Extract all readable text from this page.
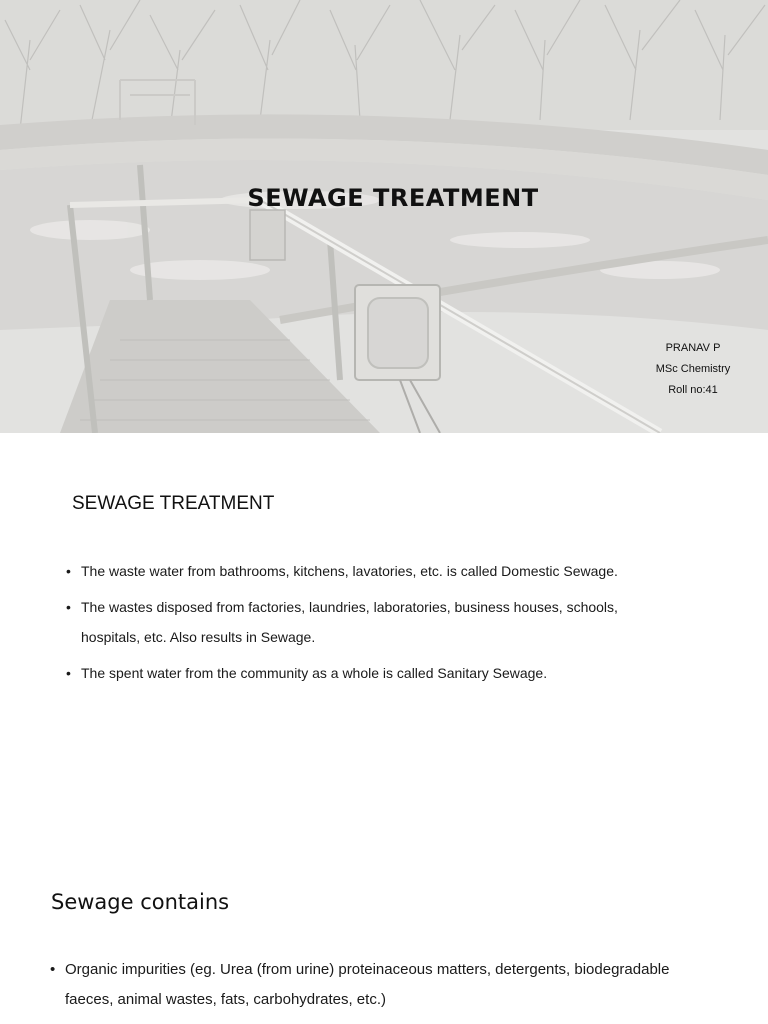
SEWAGE TREATMENT
PRANAV P
MSc Chemistry
Roll no:41
SEWAGE TREATMENT
• The waste water from bathrooms, kitchens, lavatories, etc. is called Domestic Sewage.
• The wastes disposed from factories, laundries, laboratories, business houses, schools, hospitals, etc. Also results in Sewage.
• The spent water from the community as a whole is called Sanitary Sewage.
Sewage contains
• Organic impurities (eg. Urea (from urine) proteinaceous matters, detergents, biodegradable faeces, animal wastes, fats, carbohydrates, etc.)
